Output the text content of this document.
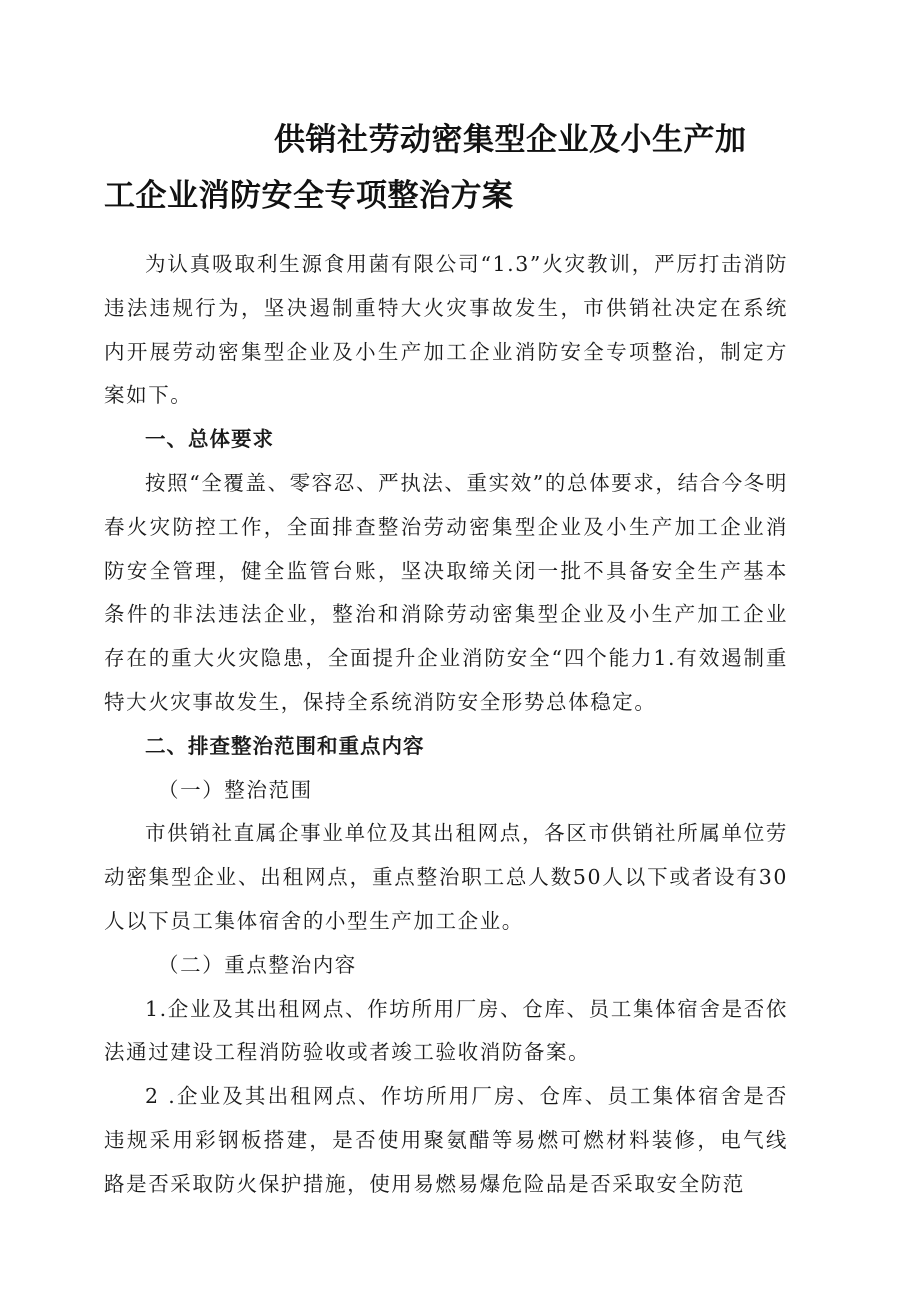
供销社劳动密集型企业及小生产加
工企业消防安全专项整治方案

为认真吸取利生源食用菌有限公司“1.3”火灾教训，严厉打击消防违法违规行为，坚决遏制重特大火灾事故发生，市供销社决定在系统内开展劳动密集型企业及小生产加工企业消防安全专项整治，制定方案如下。

一、总体要求

按照“全覆盖、零容忍、严执法、重实效”的总体要求，结合今冬明春火灾防控工作，全面排查整治劳动密集型企业及小生产加工企业消防安全管理，健全监管台账，坚决取缔关闭一批不具备安全生产基本条件的非法违法企业，整治和消除劳动密集型企业及小生产加工企业存在的重大火灾隐患，全面提升企业消防安全“四个能力1.有效遏制重特大火灾事故发生，保持全系统消防安全形势总体稳定。

二、排查整治范围和重点内容

（一）整治范围

市供销社直属企事业单位及其出租网点，各区市供销社所属单位劳动密集型企业、出租网点，重点整治职工总人数50人以下或者设有30人以下员工集体宿舍的小型生产加工企业。

（二）重点整治内容

1.企业及其出租网点、作坊所用厂房、仓库、员工集体宿舍是否依法通过建设工程消防验收或者竣工验收消防备案。

2 .企业及其出租网点、作坊所用厂房、仓库、员工集体宿舍是否违规采用彩钢板搭建，是否使用聚氨醋等易燃可燃材料装修，电气线路是否采取防火保护措施，使用易燃易爆危险品是否采取安全防范
